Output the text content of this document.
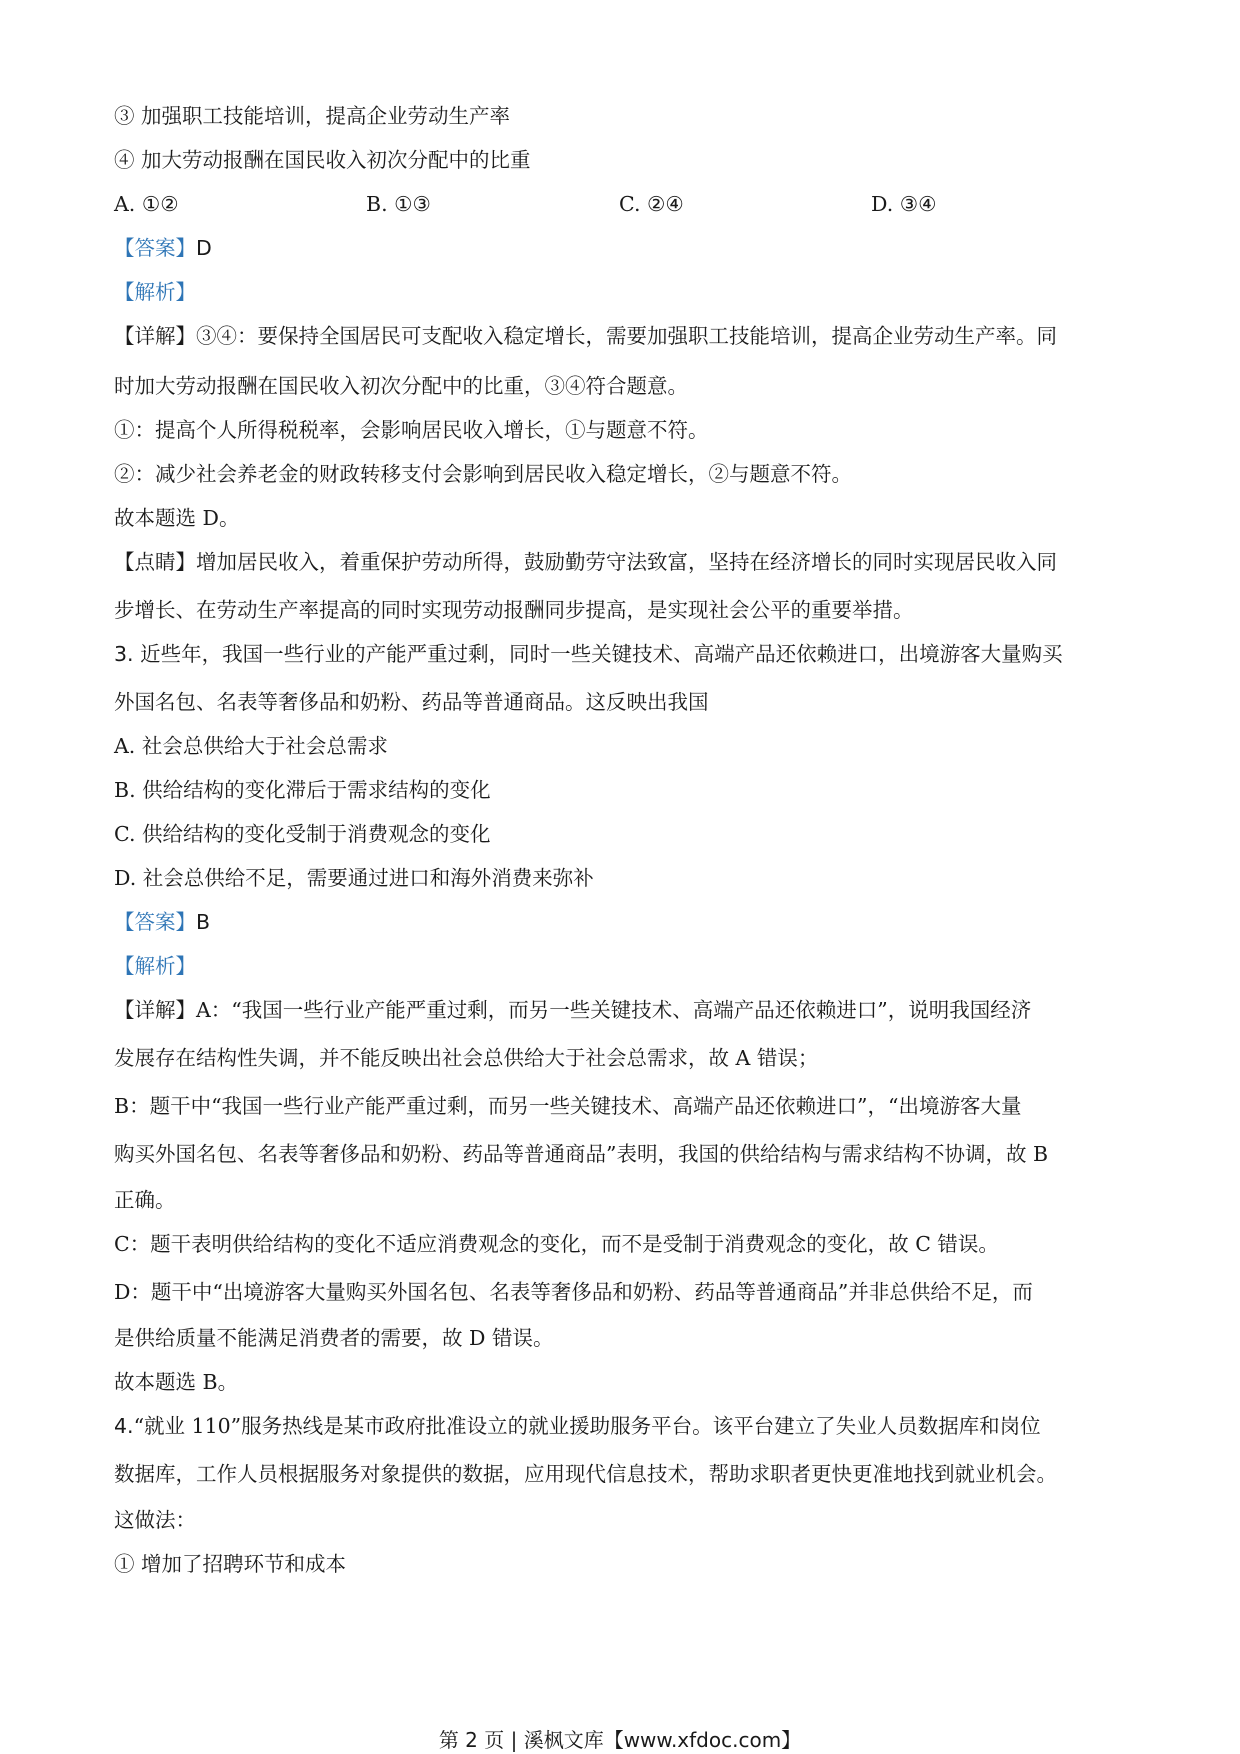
③ 加强职工技能培训，提高企业劳动生产率
④ 加大劳动报酬在国民收入初次分配中的比重
A. ①②	B. ①③	C. ②④	D. ③④
【答案】D
【解析】
【详解】③④：要保持全国居民可支配收入稳定增长，需要加强职工技能培训，提高企业劳动生产率。同
时加大劳动报酬在国民收入初次分配中的比重，③④符合题意。
①：提高个人所得税税率，会影响居民收入增长，①与题意不符。
②：减少社会养老金的财政转移支付会影响到居民收入稳定增长，②与题意不符。
故本题选 D。
【点睛】增加居民收入，着重保护劳动所得，鼓励勤劳守法致富，坚持在经济增长的同时实现居民收入同
步增长、在劳动生产率提高的同时实现劳动报酬同步提高，是实现社会公平的重要举措。
3. 近些年，我国一些行业的产能严重过剩，同时一些关键技术、高端产品还依赖进口，出境游客大量购买
外国名包、名表等奢侈品和奶粉、药品等普通商品。这反映出我国
A. 社会总供给大于社会总需求
B. 供给结构的变化滞后于需求结构的变化
C. 供给结构的变化受制于消费观念的变化
D. 社会总供给不足，需要通过进口和海外消费来弥补
【答案】B
【解析】
【详解】A：“我国一些行业产能严重过剩，而另一些关键技术、高端产品还依赖进口”，说明我国经济
发展存在结构性失调，并不能反映出社会总供给大于社会总需求，故 A 错误；
B：题干中“我国一些行业产能严重过剩，而另一些关键技术、高端产品还依赖进口”，“出境游客大量
购买外国名包、名表等奢侈品和奶粉、药品等普通商品”表明，我国的供给结构与需求结构不协调，故 B
正确。
C：题干表明供给结构的变化不适应消费观念的变化，而不是受制于消费观念的变化，故 C 错误。
D：题干中“出境游客大量购买外国名包、名表等奢侈品和奶粉、药品等普通商品”并非总供给不足，而
是供给质量不能满足消费者的需要，故 D 错误。
故本题选 B。
4.“就业 110”服务热线是某市政府批准设立的就业援助服务平台。该平台建立了失业人员数据库和岗位
数据库，工作人员根据服务对象提供的数据，应用现代信息技术，帮助求职者更快更准地找到就业机会。
这做法：
① 增加了招聘环节和成本
第 2 页 | 溪枫文库【www.xfdoc.com】
